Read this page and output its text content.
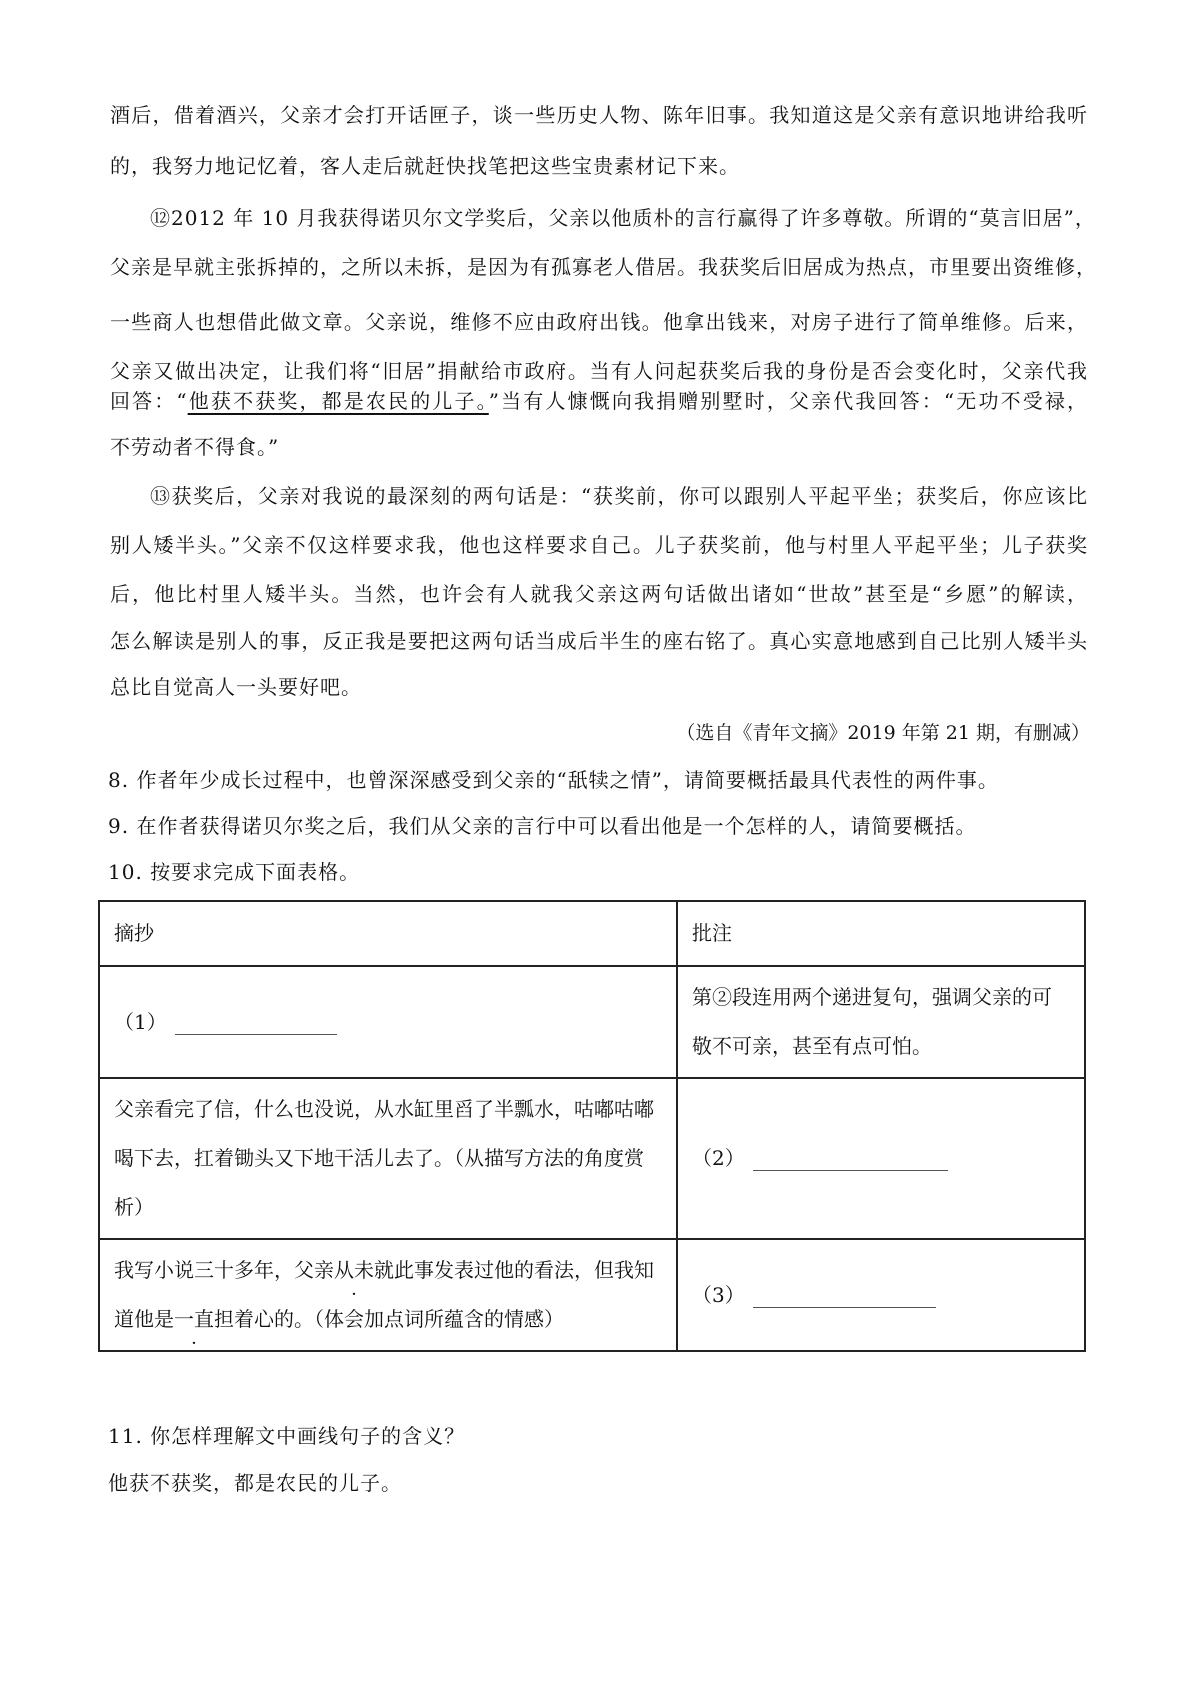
酒后，借着酒兴，父亲才会打开话匣子，谈一些历史人物、陈年旧事。我知道这是父亲有意识地讲给我听
的，我努力地记忆着，客人走后就赶快找笔把这些宝贵素材记下来。
⑫2012 年 10 月我获得诺贝尔文学奖后，父亲以他质朴的言行赢得了许多尊敬。所谓的“莫言旧居”，
父亲是早就主张拆掉的，之所以未拆，是因为有孤寡老人借居。我获奖后旧居成为热点，市里要出资维修，
一些商人也想借此做文章。父亲说，维修不应由政府出钱。他拿出钱来，对房子进行了简单维修。后来，
父亲又做出决定，让我们将“旧居”捐献给市政府。当有人问起获奖后我的身份是否会变化时，父亲代我
回答：“他获不获奖，都是农民的儿子。”当有人慷慨向我捐赠别墅时，父亲代我回答：“无功不受禄，
不劳动者不得食。”
⑬获奖后，父亲对我说的最深刻的两句话是：“获奖前，你可以跟别人平起平坐；获奖后，你应该比
别人矮半头。”父亲不仅这样要求我，他也这样要求自己。儿子获奖前，他与村里人平起平坐；儿子获奖
后，他比村里人矮半头。当然，也许会有人就我父亲这两句话做出诸如“世故”甚至是“乡愿”的解读，
怎么解读是别人的事，反正我是要把这两句话当成后半生的座右铭了。真心实意地感到自己比别人矮半头
总比自觉高人一头要好吧。
（选自《青年文摘》2019 年第 21 期，有删减）
8. 作者年少成长过程中，也曾深深感受到父亲的“舐犊之情”，请简要概括最具代表性的两件事。
9. 在作者获得诺贝尔奖之后，我们从父亲的言行中可以看出他是一个怎样的人，请简要概括。
10. 按要求完成下面表格。
摘抄	批注
（1）	第②段连用两个递进复句，强调父亲的可敬不可亲，甚至有点可怕。
父亲看完了信，什么也没说，从水缸里舀了半瓢水，咕嘟咕嘟喝下去，扛着锄头又下地干活儿去了。（从描写方法的角度赏析）	（2）
我写小说三十多年，父亲从未就此事发表过他的看法，但我知道他是一直担着心的。（体会加点词所蕴含的情感）	（3）
11. 你怎样理解文中画线句子的含义？
他获不获奖，都是农民的儿子。
